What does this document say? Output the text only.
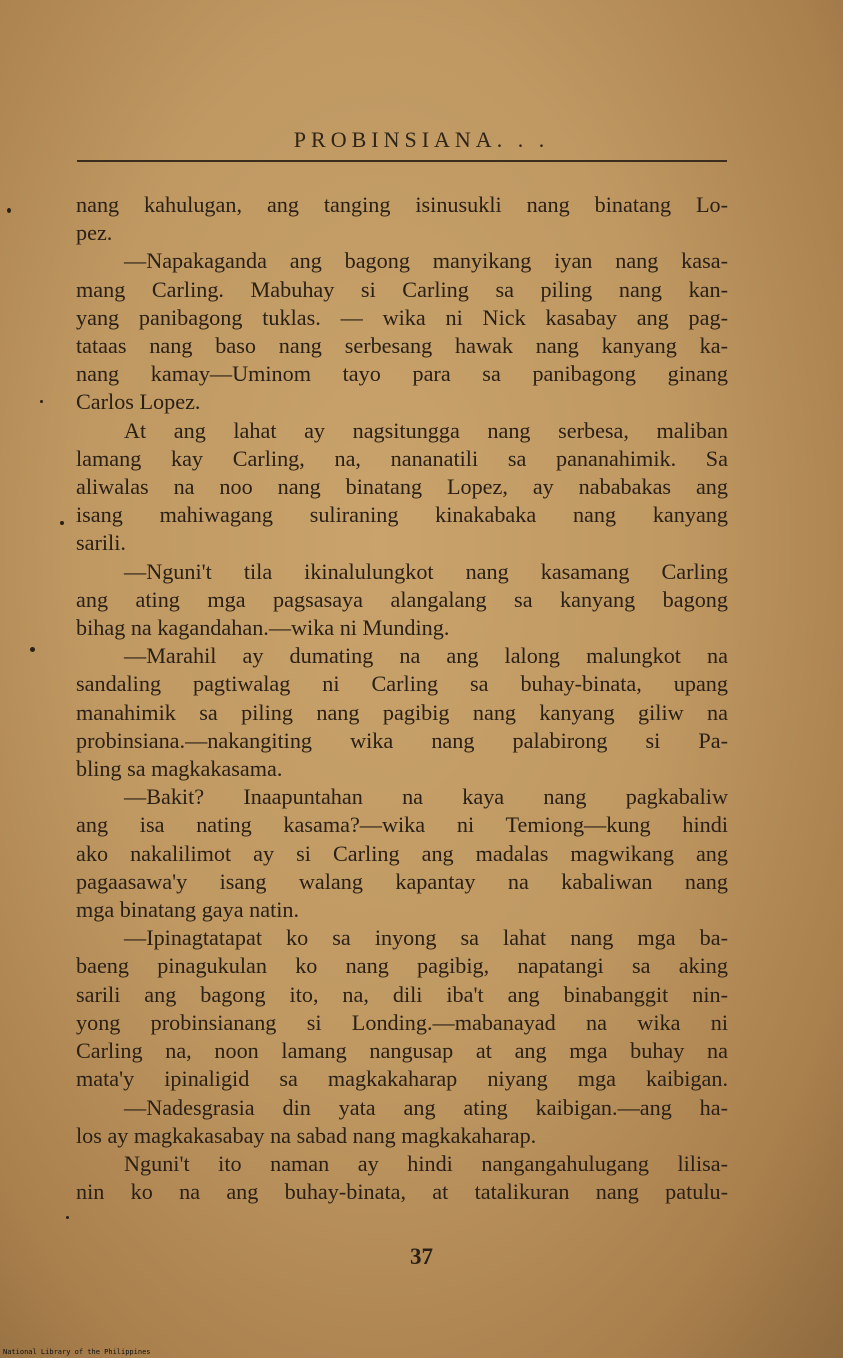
PROBINSIANA. . .
nang kahulugan, ang tanging isinusukli nang binatang Lo-
pez.
—Napakaganda ang bagong manyikang iyan nang kasa-
mang Carling. Mabuhay si Carling sa piling nang kan-
yang panibagong tuklas. — wika ni Nick kasabay ang pag-
tataas nang baso nang serbesang hawak nang kanyang ka-
nang kamay—Uminom tayo para sa panibagong ginang
Carlos Lopez.
At ang lahat ay nagsitungga nang serbesa, maliban
lamang kay Carling, na, nananatili sa pananahimik. Sa
aliwalas na noo nang binatang Lopez, ay nababakas ang
isang mahiwagang suliraning kinakabaka nang kanyang
sarili.
—Nguni't tila ikinalulungkot nang kasamang Carling
ang ating mga pagsasaya alangalang sa kanyang bagong
bihag na kagandahan.—wika ni Munding.
—Marahil ay dumating na ang lalong malungkot na
sandaling pagtiwalag ni Carling sa buhay-binata, upang
manahimik sa piling nang pagibig nang kanyang giliw na
probinsiana.—nakangiting wika nang palabirong si Pa-
bling sa magkakasama.
—Bakit? Inaapuntahan na kaya nang pagkabaliw
ang isa nating kasama?—wika ni Temiong—kung hindi
ako nakalilimot ay si Carling ang madalas magwikang ang
pagaasawa'y isang walang kapantay na kabaliwan nang
mga binatang gaya natin.
—Ipinagtatapat ko sa inyong sa lahat nang mga ba-
baeng pinagukulan ko nang pagibig, napatangi sa aking
sarili ang bagong ito, na, dili iba't ang binabanggit nin-
yong probinsianang si Londing.—mabanayad na wika ni
Carling na, noon lamang nangusap at ang mga buhay na
mata'y ipinaligid sa magkakaharap niyang mga kaibigan.
—Nadesgrasia din yata ang ating kaibigan.—ang ha-
los ay magkakasabay na sabad nang magkakaharap.
Nguni't ito naman ay hindi nangangahulugang lilisa-
nin ko na ang buhay-binata, at tatalikuran nang patulu-
37
National Library of the Philippines
